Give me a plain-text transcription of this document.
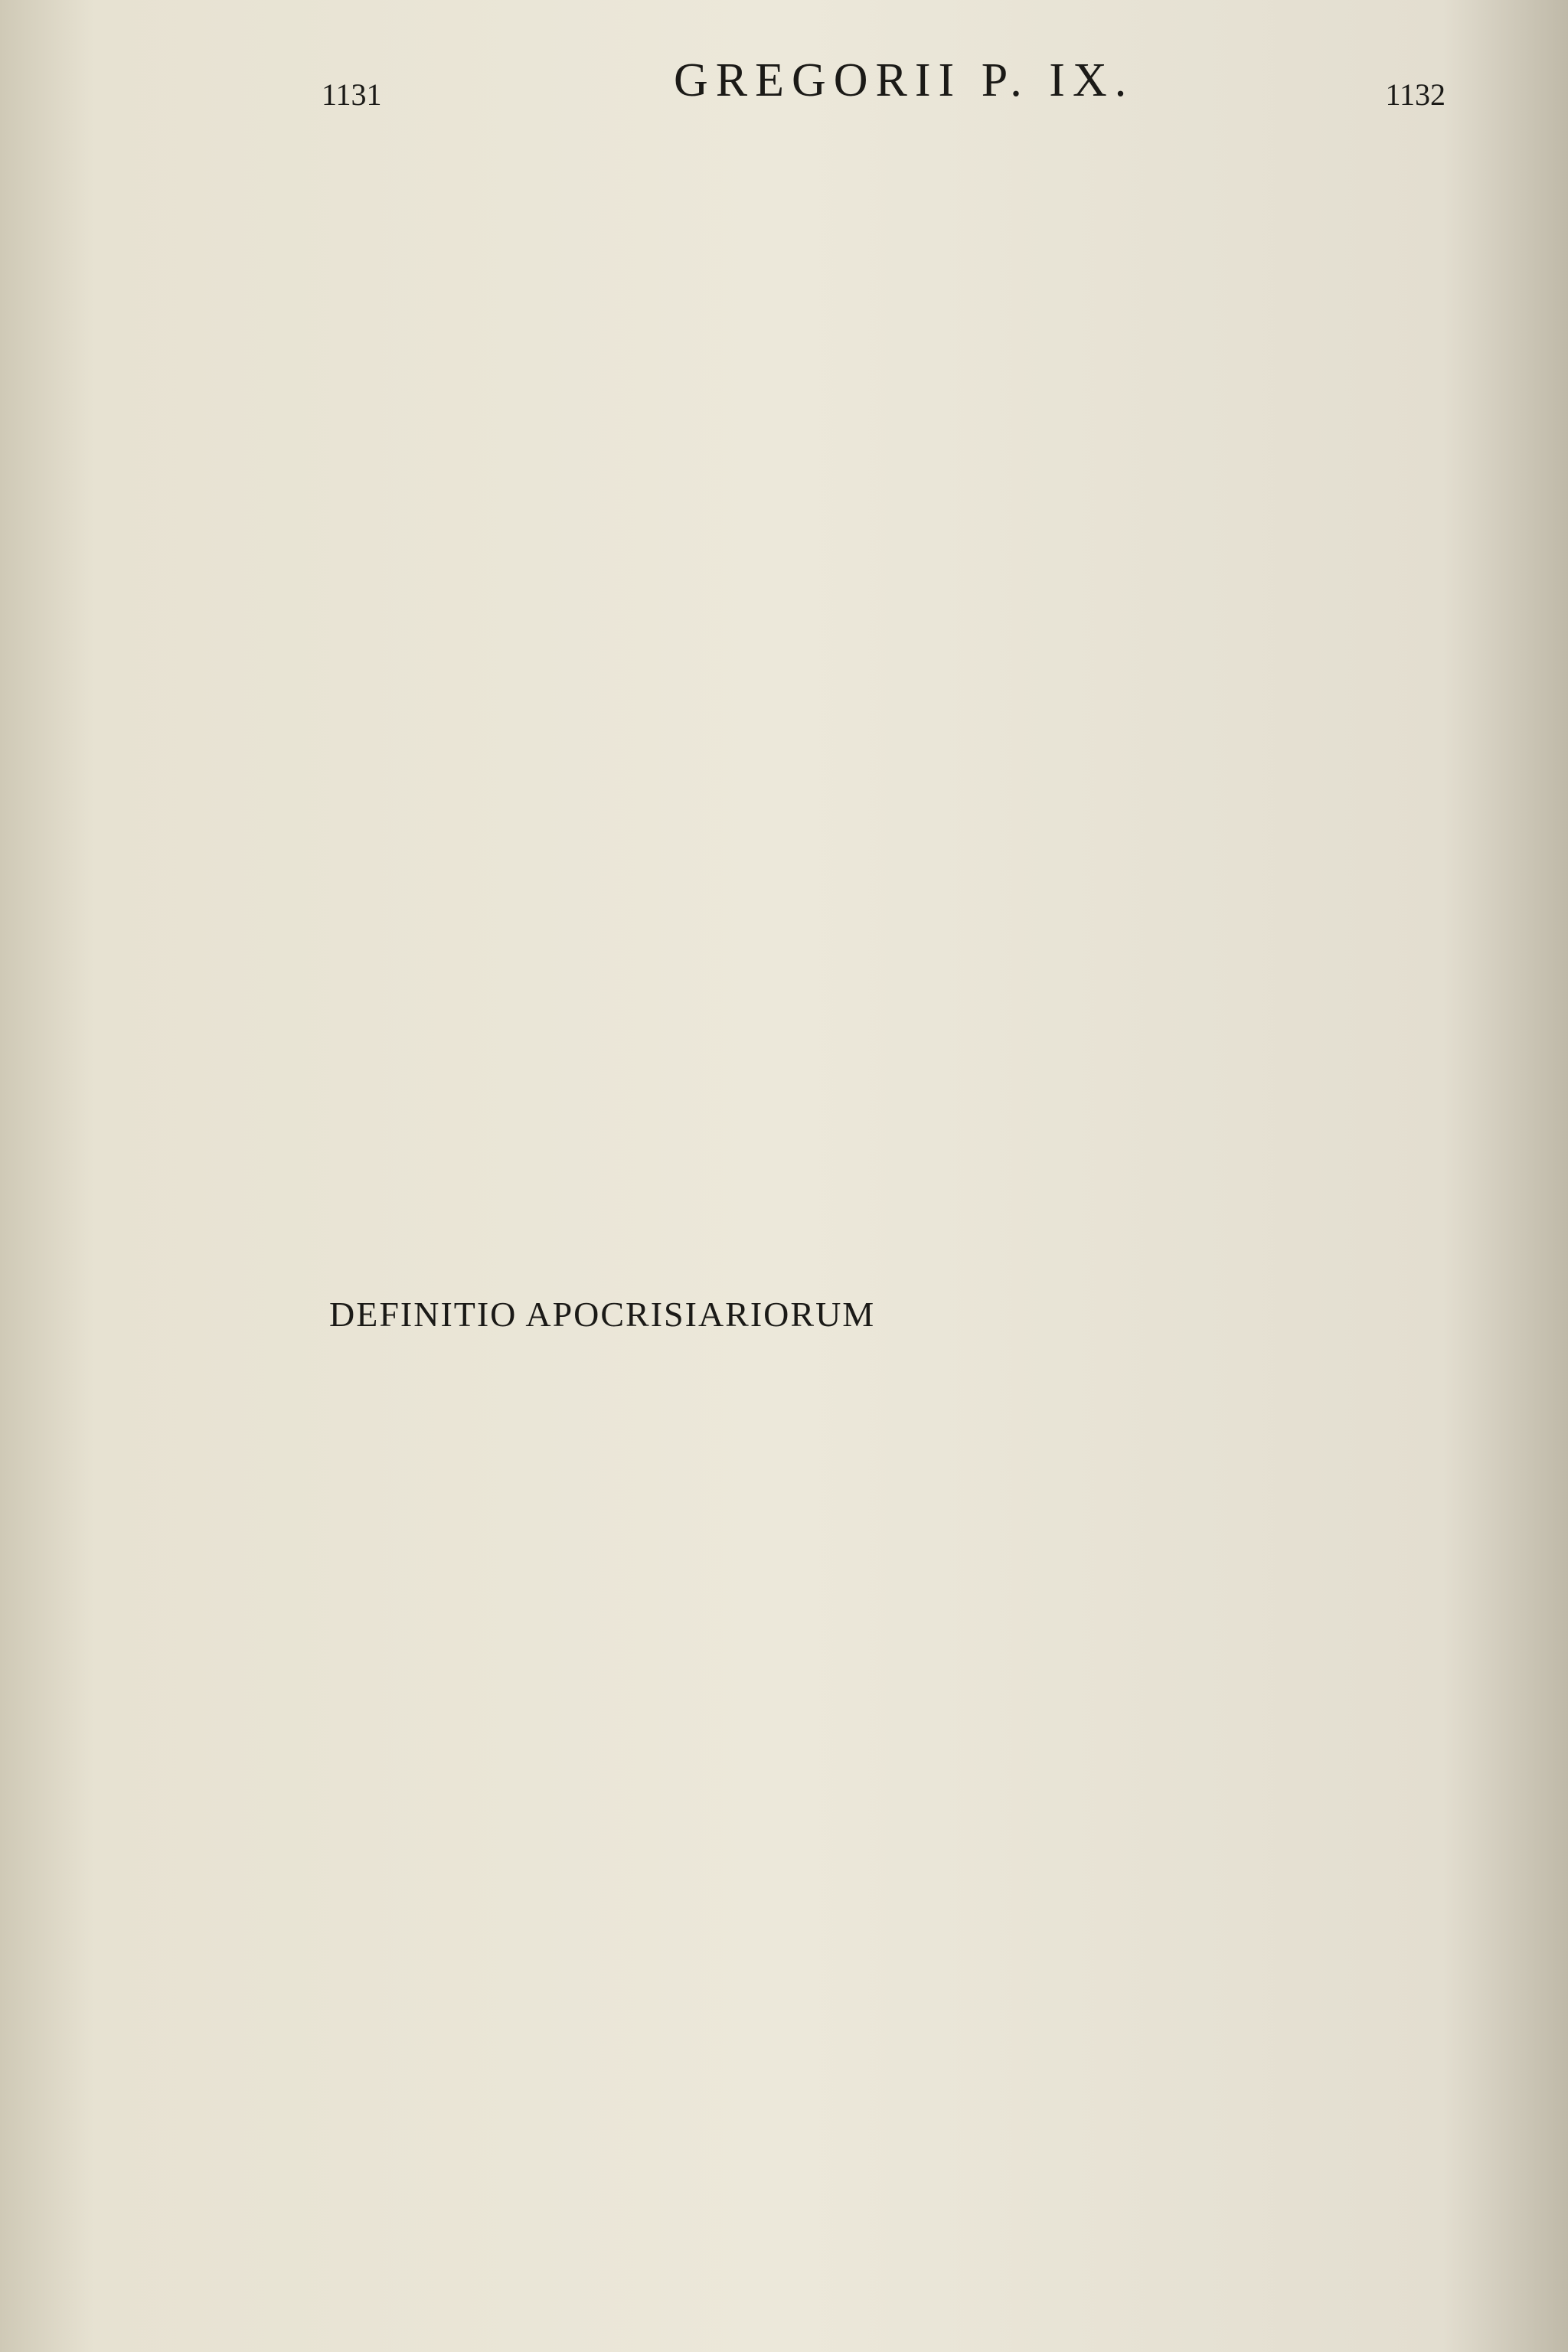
1131	GREGORII P. IX.	1132
DEFINITIO APOCRISIARIORUM
